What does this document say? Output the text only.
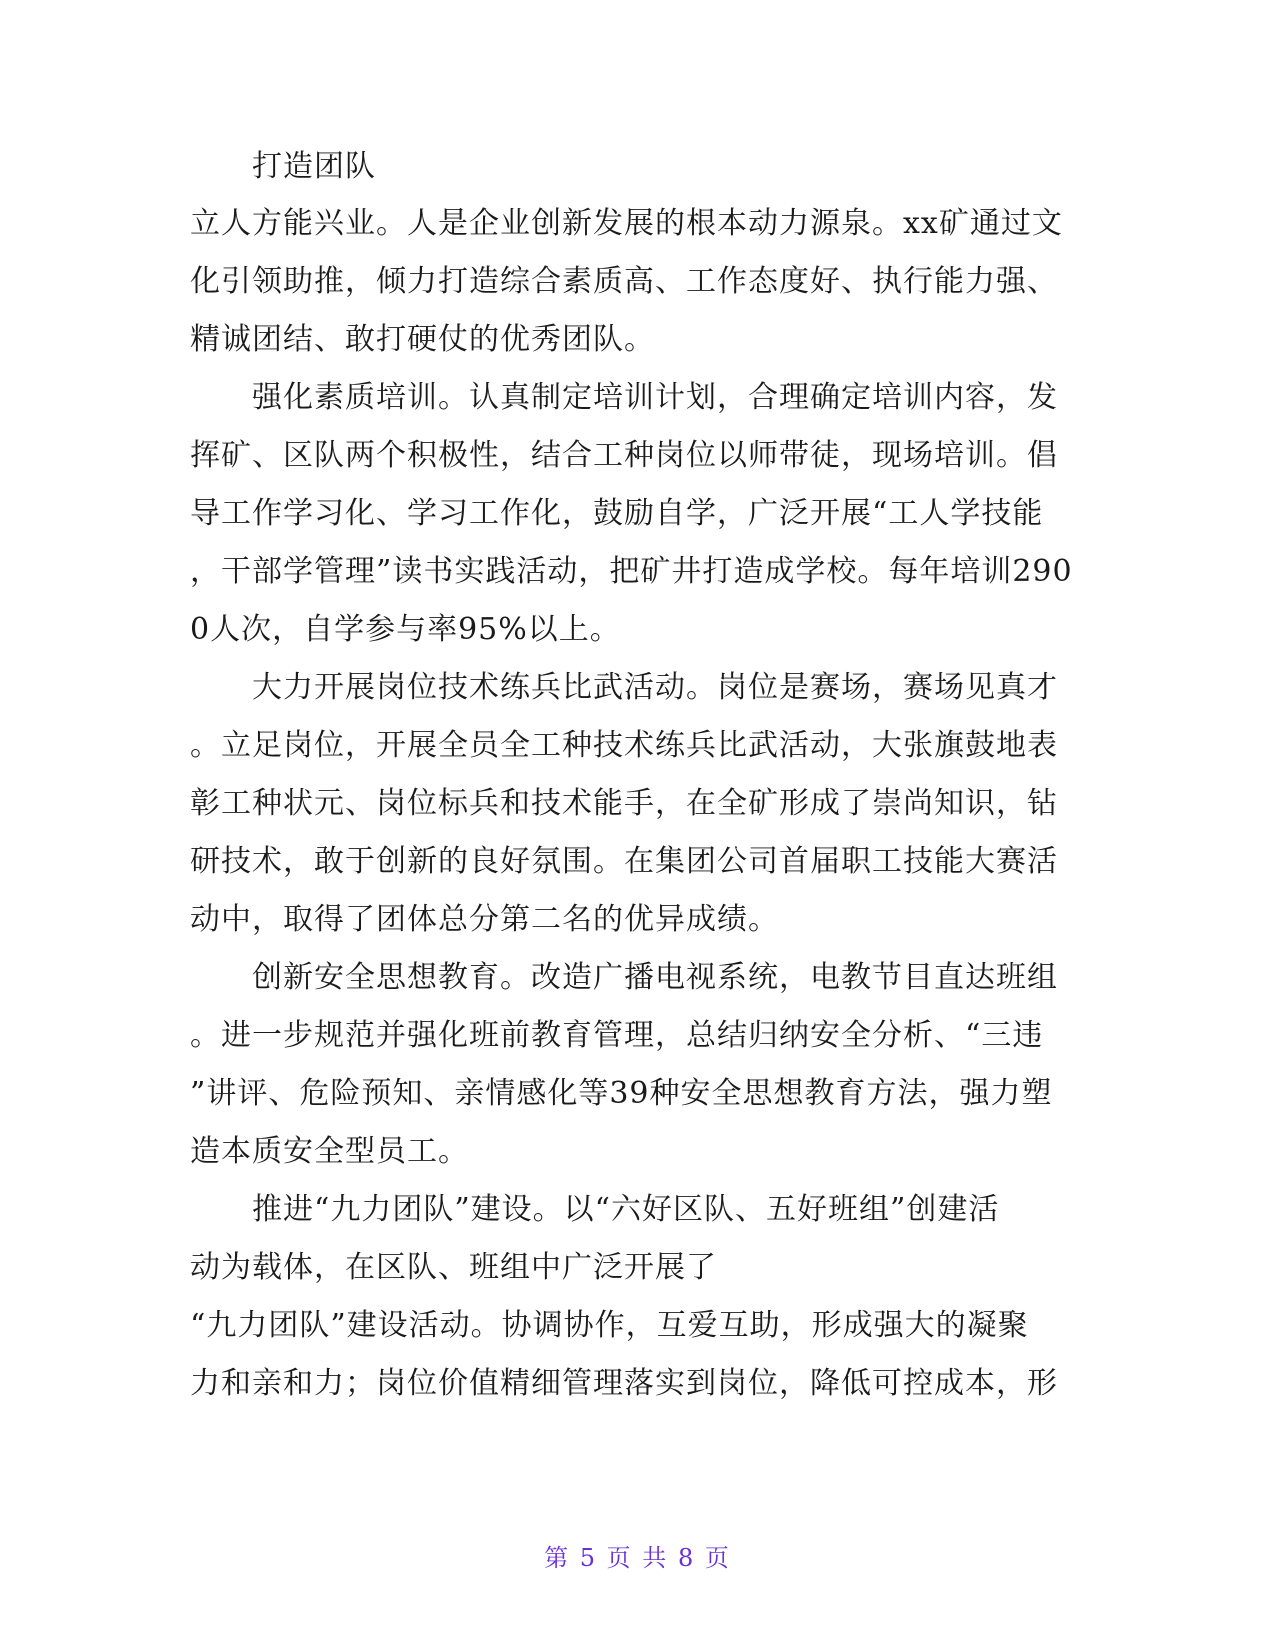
打造团队
立人方能兴业。人是企业创新发展的根本动力源泉。xx矿通过文
化引领助推，倾力打造综合素质高、工作态度好、执行能力强、
精诚团结、敢打硬仗的优秀团队。
强化素质培训。认真制定培训计划，合理确定培训内容，发
挥矿、区队两个积极性，结合工种岗位以师带徒，现场培训。倡
导工作学习化、学习工作化，鼓励自学，广泛开展“工人学技能
，干部学管理”读书实践活动，把矿井打造成学校。每年培训290
0人次，自学参与率95%以上。
大力开展岗位技术练兵比武活动。岗位是赛场，赛场见真才
。立足岗位，开展全员全工种技术练兵比武活动，大张旗鼓地表
彰工种状元、岗位标兵和技术能手，在全矿形成了崇尚知识，钻
研技术，敢于创新的良好氛围。在集团公司首届职工技能大赛活
动中，取得了团体总分第二名的优异成绩。
创新安全思想教育。改造广播电视系统，电教节目直达班组
。进一步规范并强化班前教育管理，总结归纳安全分析、“三违
”讲评、危险预知、亲情感化等39种安全思想教育方法，强力塑
造本质安全型员工。
推进“九力团队”建设。以“六好区队、五好班组”创建活
动为载体，在区队、班组中广泛开展了
“九力团队”建设活动。协调协作，互爱互助，形成强大的凝聚
力和亲和力；岗位价值精细管理落实到岗位，降低可控成本，形
第 5 页 共 8 页
